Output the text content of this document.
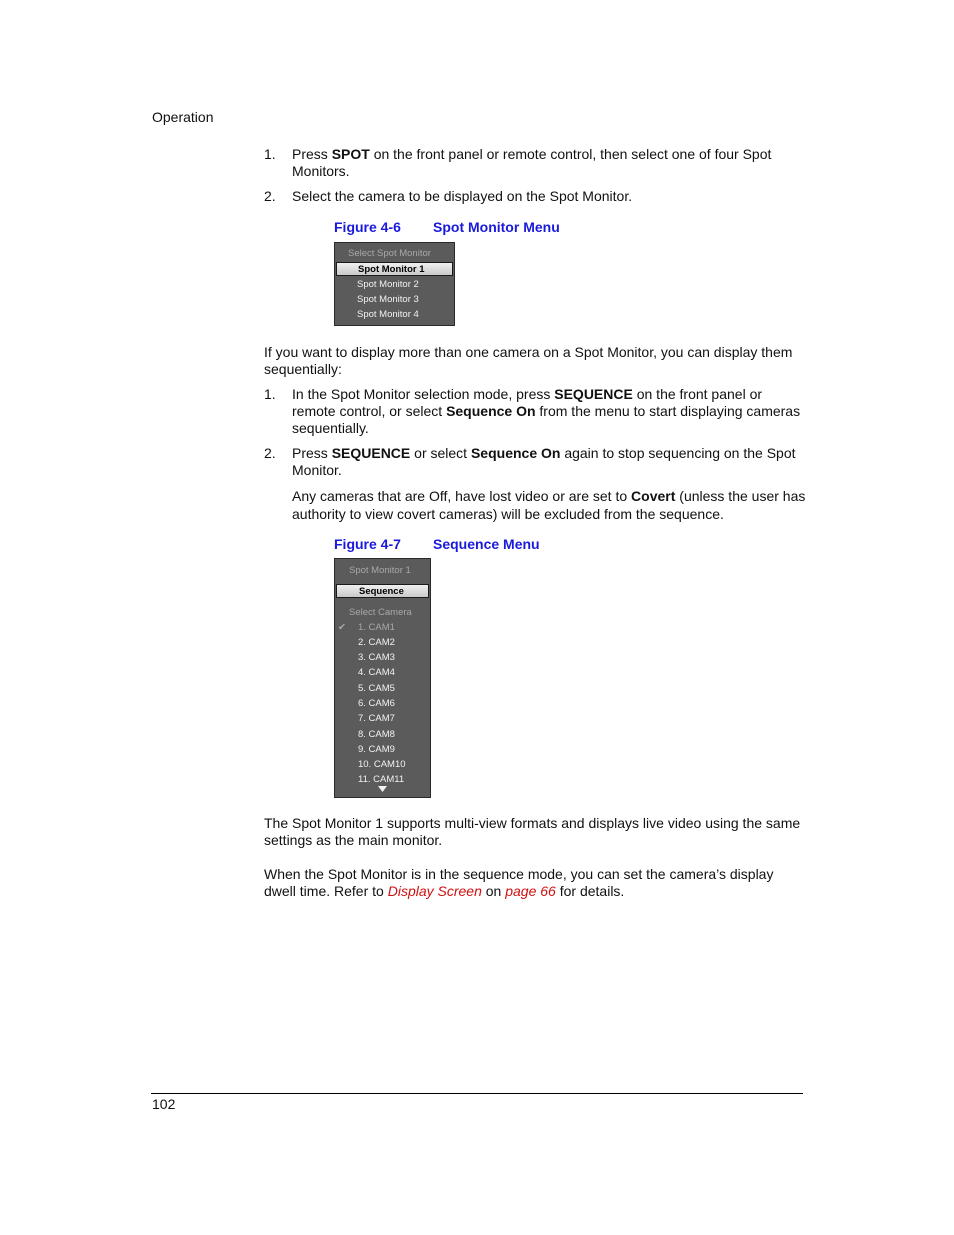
Operation
1. Press SPOT on the front panel or remote control, then select one of four Spot Monitors.
2. Select the camera to be displayed on the Spot Monitor.
Figure 4-6 Spot Monitor Menu
Select Spot Monitor
Spot Monitor 1
Spot Monitor 2
Spot Monitor 3
Spot Monitor 4
If you want to display more than one camera on a Spot Monitor, you can display them sequentially:
1. In the Spot Monitor selection mode, press SEQUENCE on the front panel or remote control, or select Sequence On from the menu to start displaying cameras sequentially.
2. Press SEQUENCE or select Sequence On again to stop sequencing on the Spot Monitor.
Any cameras that are Off, have lost video or are set to Covert (unless the user has authority to view covert cameras) will be excluded from the sequence.
Figure 4-7 Sequence Menu
Spot Monitor 1
Sequence
Select Camera
✔ 1. CAM1
2. CAM2
3. CAM3
4. CAM4
5. CAM5
6. CAM6
7. CAM7
8. CAM8
9. CAM9
10. CAM10
11. CAM11
The Spot Monitor 1 supports multi-view formats and displays live video using the same settings as the main monitor.
When the Spot Monitor is in the sequence mode, you can set the camera’s display dwell time. Refer to Display Screen on page 66 for details.
102
